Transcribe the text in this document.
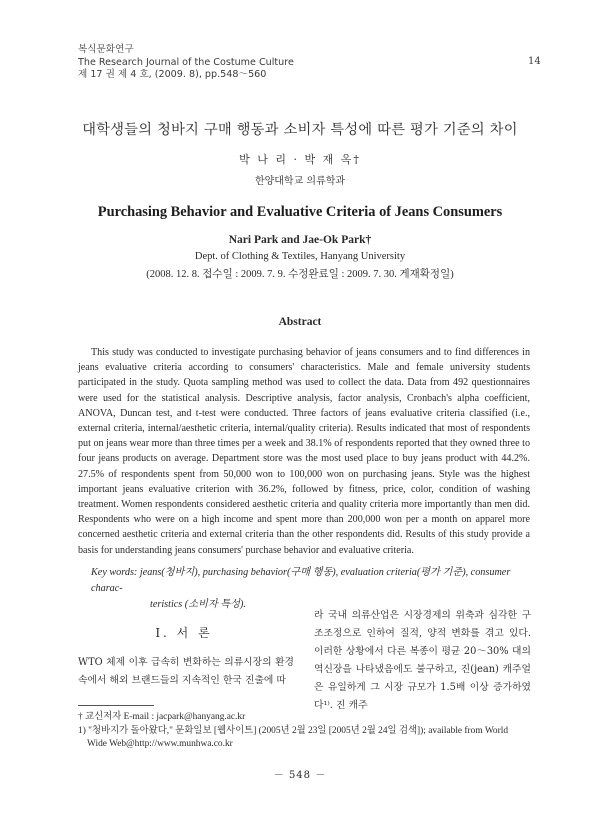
복식문화연구
The Research Journal of the Costume Culture
제 17 권 제 4 호, (2009. 8), pp.548～560
14
대학생들의 청바지 구매 행동과 소비자 특성에 따른 평가 기준의 차이
박 나 리 · 박 재 옥†
한양대학교 의류학과
Purchasing Behavior and Evaluative Criteria of Jeans Consumers
Nari Park and Jae-Ok Park†
Dept. of Clothing & Textiles, Hanyang University
(2008. 12. 8. 접수일 : 2009. 7. 9. 수정완료일 : 2009. 7. 30. 게재확정일)
Abstract
This study was conducted to investigate purchasing behavior of jeans consumers and to find differences in jeans evaluative criteria according to consumers' characteristics. Male and female university students participated in the study. Quota sampling method was used to collect the data. Data from 492 questionnaires were used for the statistical analysis. Descriptive analysis, factor analysis, Cronbach's alpha coefficient, ANOVA, Duncan test, and t-test were conducted. Three factors of jeans evaluative criteria classified (i.e., external criteria, internal/aesthetic criteria, internal/quality criteria). Results indicated that most of respondents put on jeans wear more than three times per a week and 38.1% of respondents reported that they owned three to four jeans products on average. Department store was the most used place to buy jeans product with 44.2%. 27.5% of respondents spent from 50,000 won to 100,000 won on purchasing jeans. Style was the highest important jeans evaluative criterion with 36.2%, followed by fitness, price, color, condition of washing treatment. Women respondents considered aesthetic criteria and quality criteria more importantly than men did. Respondents who were on a high income and spent more than 200,000 won per a month on apparel more concerned aesthetic criteria and external criteria than the other respondents did. Results of this study provide a basis for understanding jeans consumers' purchase behavior and evaluative criteria.
Key words: jeans(청바지), purchasing behavior(구매 행동), evaluation criteria(평가 기준), consumer charac-
teristics (소비자 특성).
Ⅰ. 서 론
WTO 체제 이후 급속히 변화하는 의류시장의 환경 속에서 해외 브랜드들의 지속적인 한국 진출에 따
라 국내 의류산업은 시장경제의 위축과 심각한 구조조정으로 인하여 질적, 양적 변화를 겪고 있다. 이러한 상황에서 다른 복종이 평균 20～30% 대의 역신장을 나타냈음에도 불구하고, 진(jean) 캐주얼은 유일하게 그 시장 규모가 1.5배 이상 증가하였다¹⁾. 진 캐주
† 교신저자 E-mail : jacpark@hanyang.ac.kr
1) "청바지가 돌아왔다," 문화일보 [웹사이트] (2005년 2월 23일 [2005년 2월 24일 검색]); available from World
Wide Web@http://www.munhwa.co.kr
－ 548 －
